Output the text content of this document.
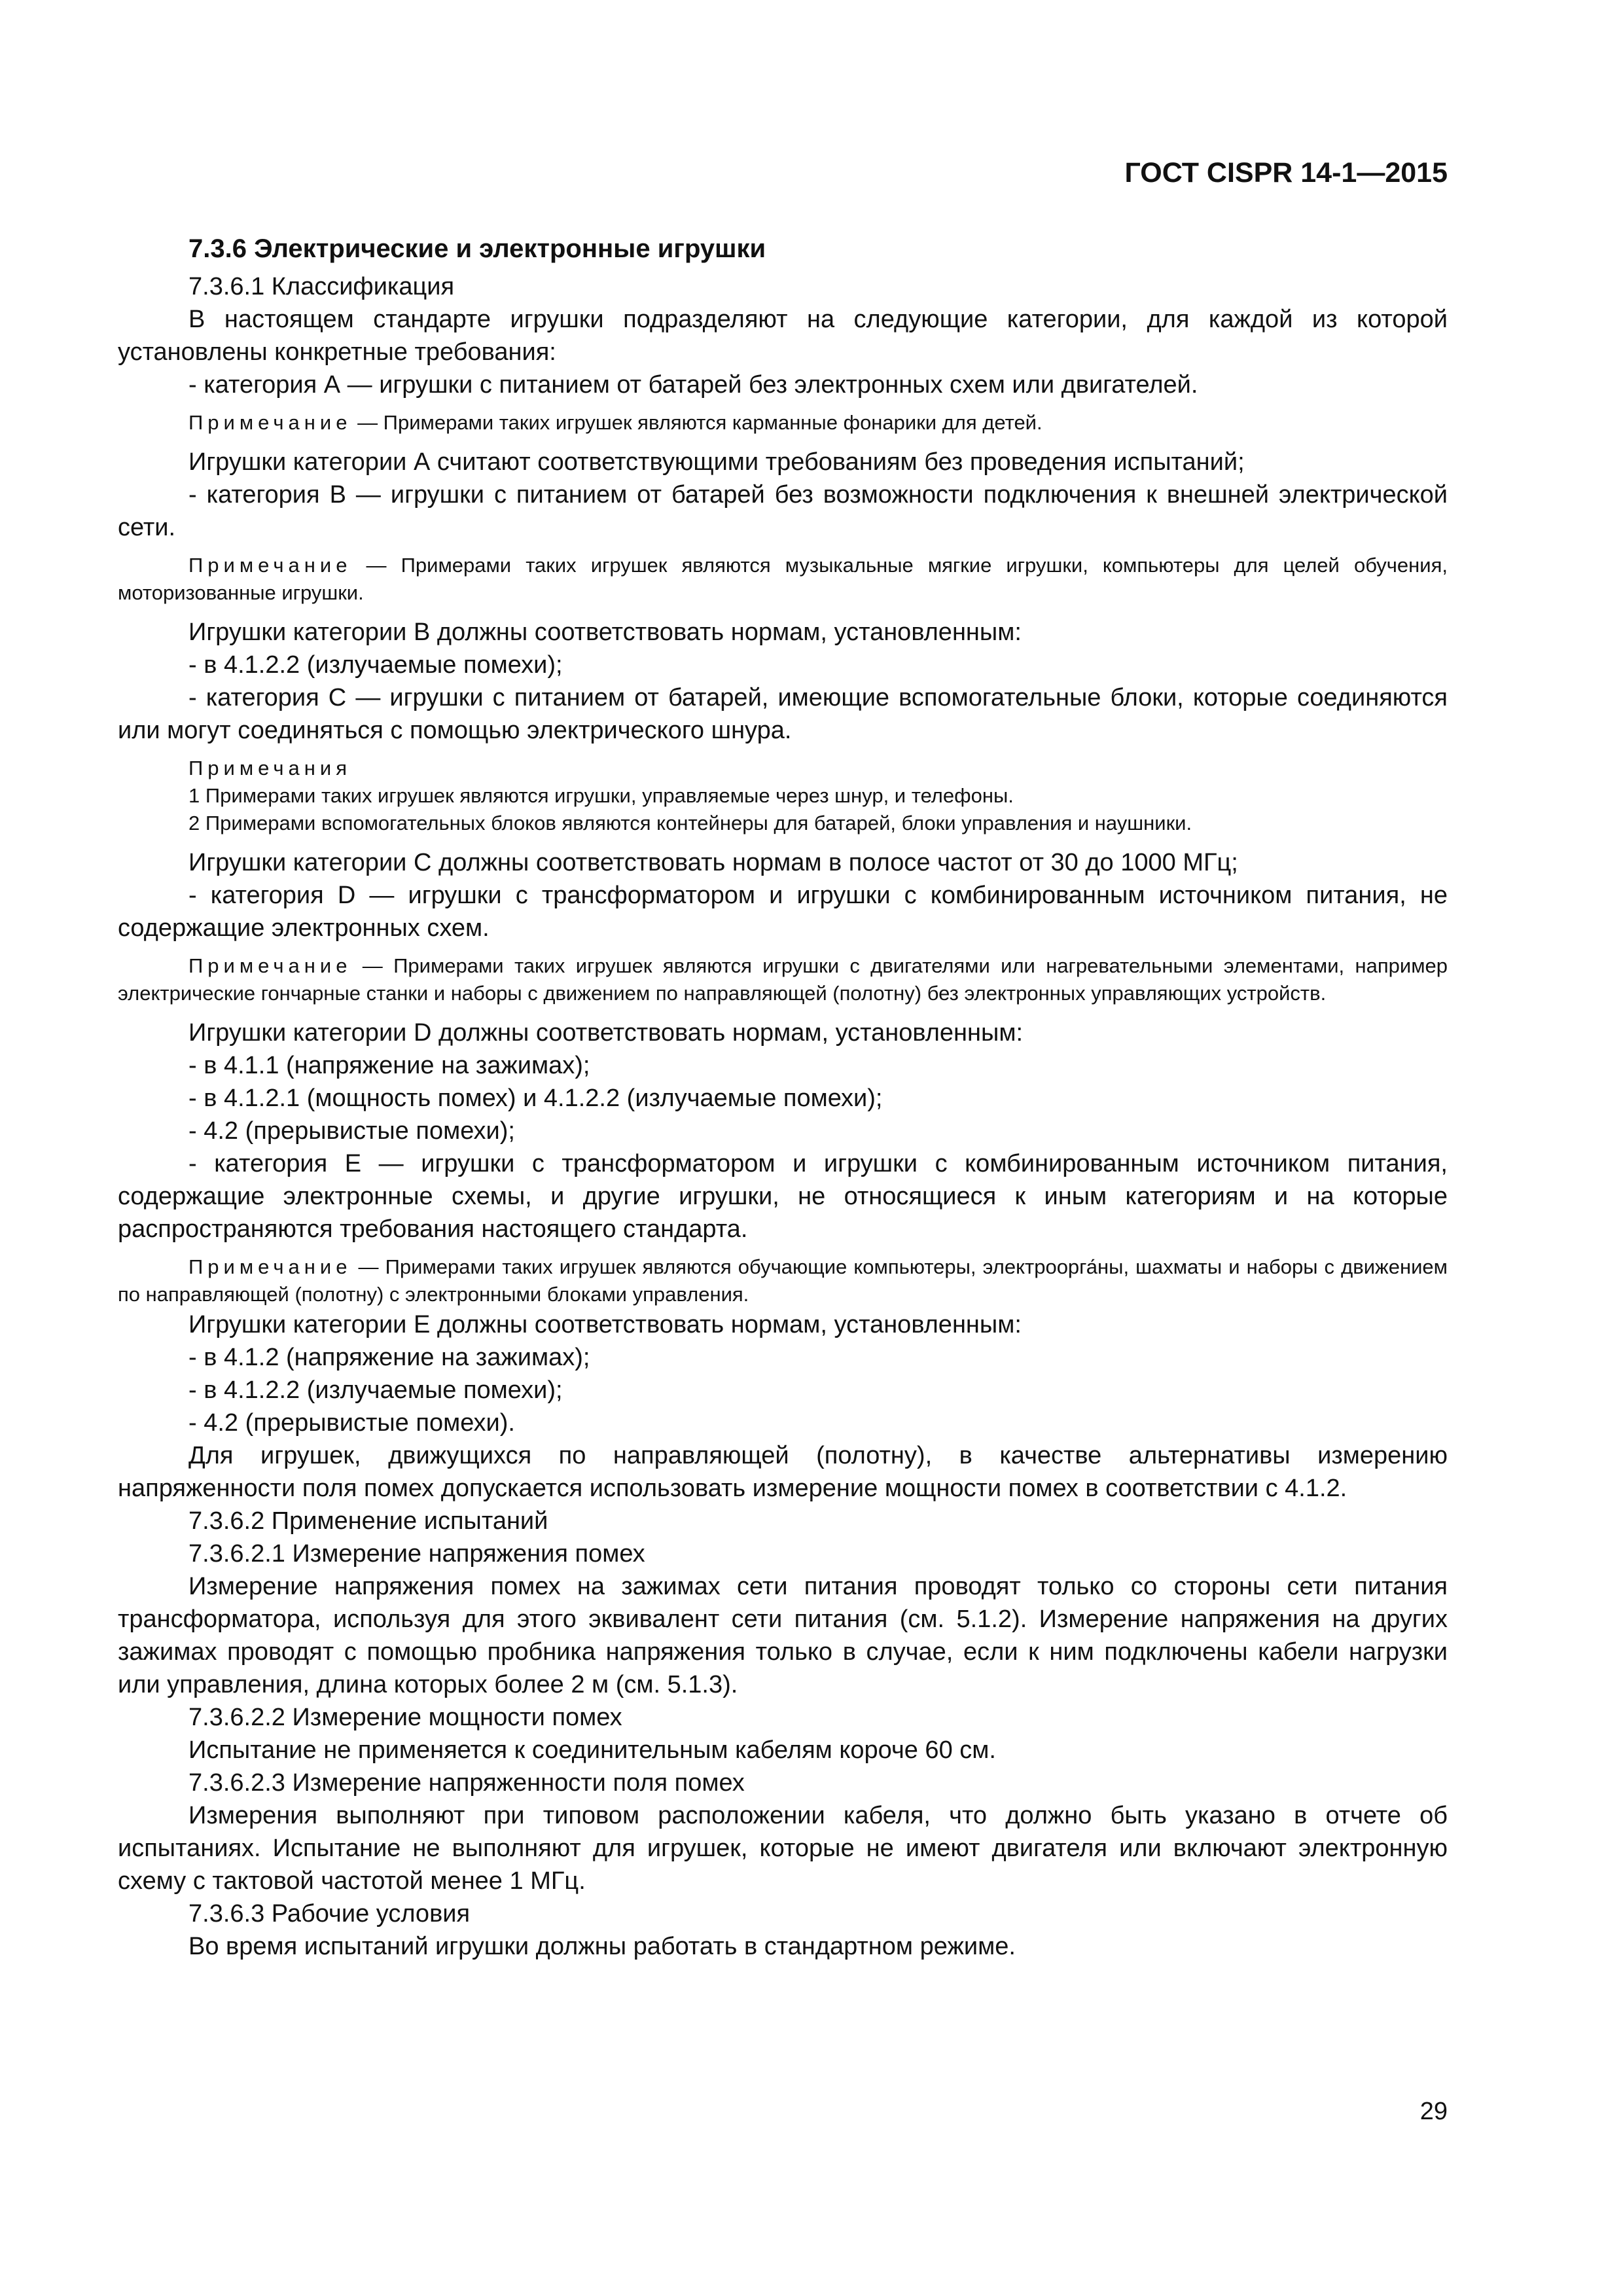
ГОСТ CISPR 14-1—2015

7.3.6 Электрические и электронные игрушки

7.3.6.1 Классификация

В настоящем стандарте игрушки подразделяют на следующие категории, для каждой из которой установлены конкретные требования:

- категория А — игрушки с питанием от батарей без электронных схем или двигателей.

Примечание — Примерами таких игрушек являются карманные фонарики для детей.

Игрушки категории А считают соответствующими требованиям без проведения испытаний;

- категория В — игрушки с питанием от батарей без возможности подключения к внешней электрической сети.

Примечание — Примерами таких игрушек являются музыкальные мягкие игрушки, компьютеры для целей обучения, моторизованные игрушки.

Игрушки категории В должны соответствовать нормам, установленным:

- в 4.1.2.2 (излучаемые помехи);

- категория С — игрушки с питанием от батарей, имеющие вспомогательные блоки, которые соединяются или могут соединяться с помощью электрического шнура.

Примечания

1 Примерами таких игрушек являются игрушки, управляемые через шнур, и телефоны.

2 Примерами вспомогательных блоков являются контейнеры для батарей, блоки управления и наушники.

Игрушки категории С должны соответствовать нормам в полосе частот от 30 до 1000 МГц;

- категория D — игрушки с трансформатором и игрушки с комбинированным источником питания, не содержащие электронных схем.

Примечание — Примерами таких игрушек являются игрушки с двигателями или нагревательными элементами, например электрические гончарные станки и наборы с движением по направляющей (полотну) без электронных управляющих устройств.

Игрушки категории D должны соответствовать нормам, установленным:

- в 4.1.1 (напряжение на зажимах);

- в 4.1.2.1 (мощность помех) и 4.1.2.2 (излучаемые помехи);

- 4.2 (прерывистые помехи);

- категория Е — игрушки с трансформатором и игрушки с комбинированным источником питания, содержащие электронные схемы, и другие игрушки, не относящиеся к иным категориям и на которые распространяются требования настоящего стандарта.

Примечание — Примерами таких игрушек являются обучающие компьютеры, электроорга́ны, шахматы и наборы с движением по направляющей (полотну) с электронными блоками управления.

Игрушки категории Е должны соответствовать нормам, установленным:

- в 4.1.2 (напряжение на зажимах);

- в 4.1.2.2 (излучаемые помехи);

- 4.2 (прерывистые помехи).

Для игрушек, движущихся по направляющей (полотну), в качестве альтернативы измерению напряженности поля помех допускается использовать измерение мощности помех в соответствии с 4.1.2.

7.3.6.2 Применение испытаний

7.3.6.2.1 Измерение напряжения помех

Измерение напряжения помех на зажимах сети питания проводят только со стороны сети питания трансформатора, используя для этого эквивалент сети питания (см. 5.1.2). Измерение напряжения на других зажимах проводят с помощью пробника напряжения только в случае, если к ним подключены кабели нагрузки или управления, длина которых более 2 м (см. 5.1.3).

7.3.6.2.2 Измерение мощности помех

Испытание не применяется к соединительным кабелям короче 60 см.

7.3.6.2.3 Измерение напряженности поля помех

Измерения выполняют при типовом расположении кабеля, что должно быть указано в отчете об испытаниях. Испытание не выполняют для игрушек, которые не имеют двигателя или включают электронную схему с тактовой частотой менее 1 МГц.

7.3.6.3 Рабочие условия

Во время испытаний игрушки должны работать в стандартном режиме.

29
